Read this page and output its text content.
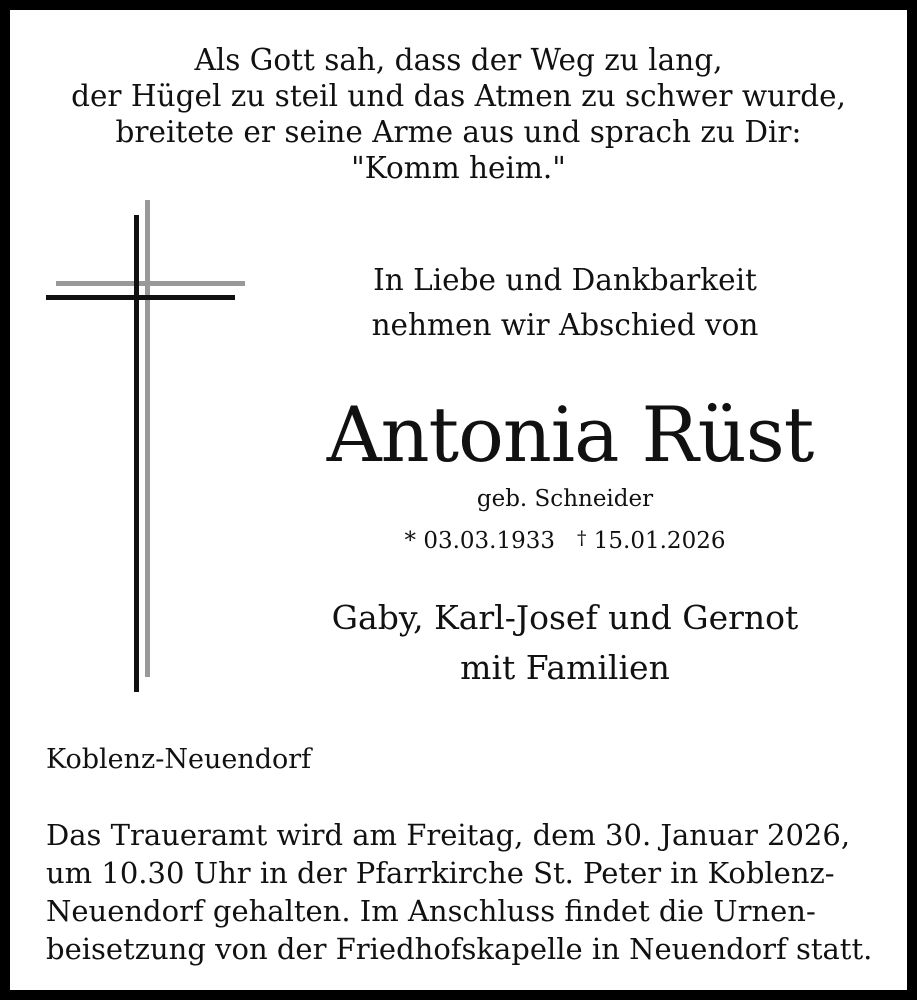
Als Gott sah, dass der Weg zu lang,
der Hügel zu steil und das Atmen zu schwer wurde,
breitete er seine Arme aus und sprach zu Dir:
"Komm heim."
In Liebe und Dankbarkeit
nehmen wir Abschied von
Antonia Rüst
geb. Schneider
* 03.03.1933 † 15.01.2026
Gaby, Karl-Josef und Gernot
mit Familien
Koblenz-Neuendorf
Das Traueramt wird am Freitag, dem 30. Januar 2026,
um 10.30 Uhr in der Pfarrkirche St. Peter in Koblenz-
Neuendorf gehalten. Im Anschluss findet die Urnen-
beisetzung von der Friedhofskapelle in Neuendorf statt.
